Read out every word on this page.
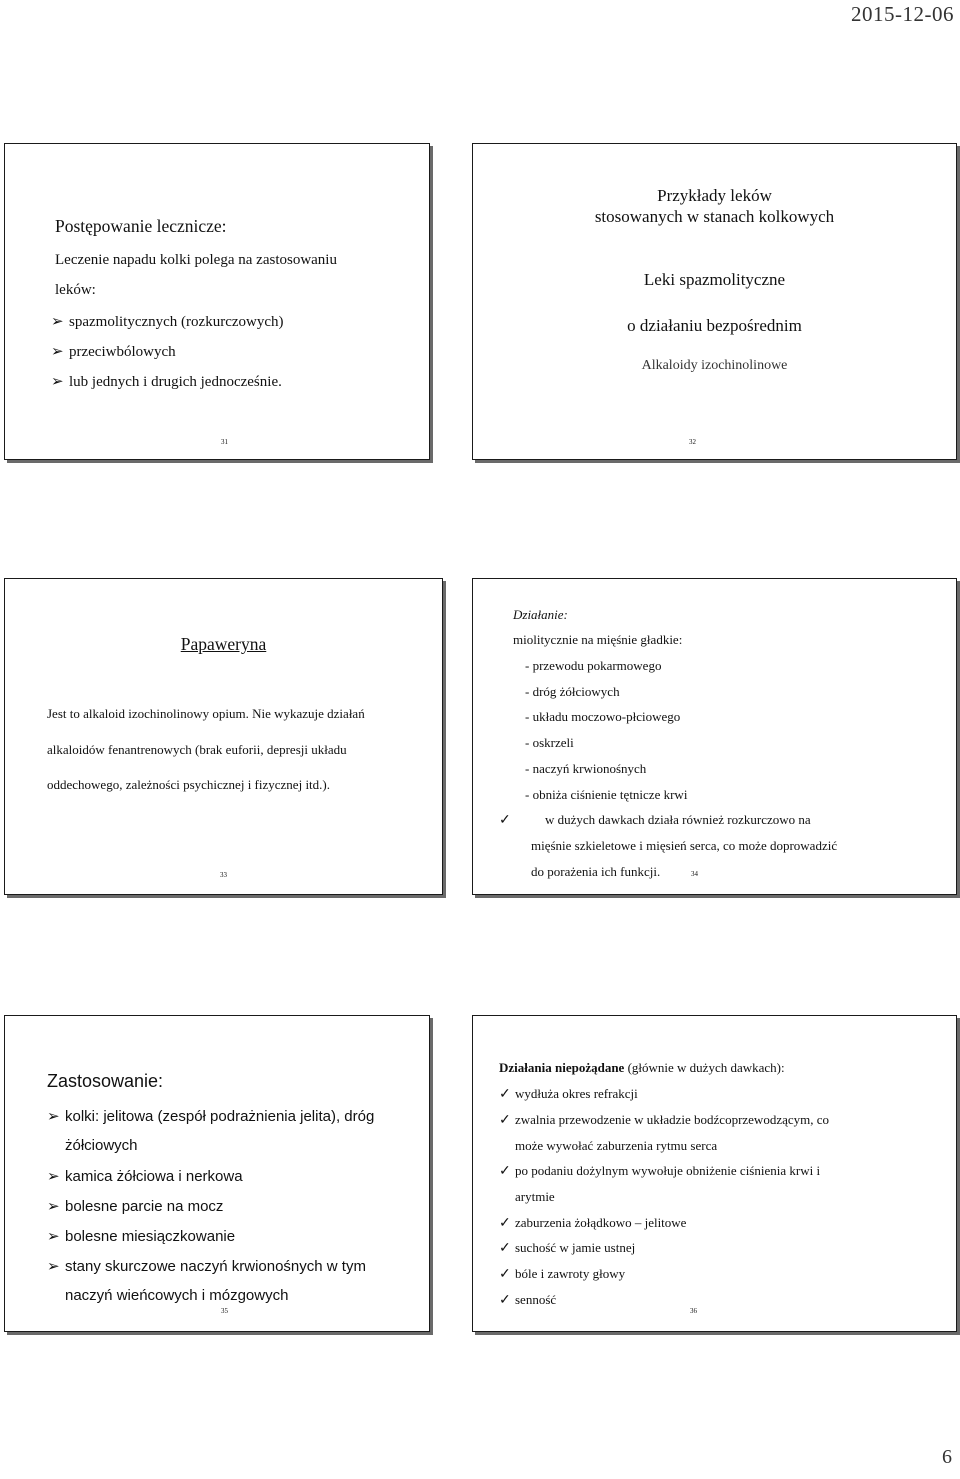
2015-12-06
Postępowanie lecznicze:
Leczenie napadu kolki polega na zastosowaniu
leków:
➢ spazmolitycznych (rozkurczowych)
➢ przeciwbólowych
➢ lub jednych i drugich jednocześnie.
31
Przykłady leków
stosowanych w stanach kolkowych
Leki spazmolityczne
o działaniu bezpośrednim
Alkaloidy izochinolinowe
32
Papaweryna
Jest to alkaloid izochinolinowy opium. Nie wykazuje działań
alkaloidów fenantrenowych (brak euforii, depresji układu
oddechowego, zależności psychicznej i fizycznej itd.).
33
Działanie:
miolitycznie na mięśnie gładkie:
- przewodu pokarmowego
- dróg żółciowych
- układu moczowo-płciowego
- oskrzeli
- naczyń krwionośnych
- obniża ciśnienie tętnicze krwi
✓	w dużych dawkach działa również rozkurczowo na
mięśnie szkieletowe i mięsień serca, co może doprowadzić
do porażenia ich funkcji.	34
Zastosowanie:
➢ kolki: jelitowa (zespół podrażnienia jelita), dróg
żółciowych
➢ kamica żółciowa i nerkowa
➢ bolesne parcie na mocz
➢ bolesne miesiączkowanie
➢ stany skurczowe naczyń krwionośnych w tym
naczyń wieńcowych i mózgowych
35
Działania niepożądane (głównie w dużych dawkach):
✓ wydłuża okres refrakcji
✓ zwalnia przewodzenie w układzie bodźcoprzewodzącym, co
może wywołać zaburzenia rytmu serca
✓ po podaniu dożylnym wywołuje obniżenie ciśnienia krwi i
arytmie
✓ zaburzenia żołądkowo – jelitowe
✓ suchość w jamie ustnej
✓ bóle i zawroty głowy
✓ senność
36
6
